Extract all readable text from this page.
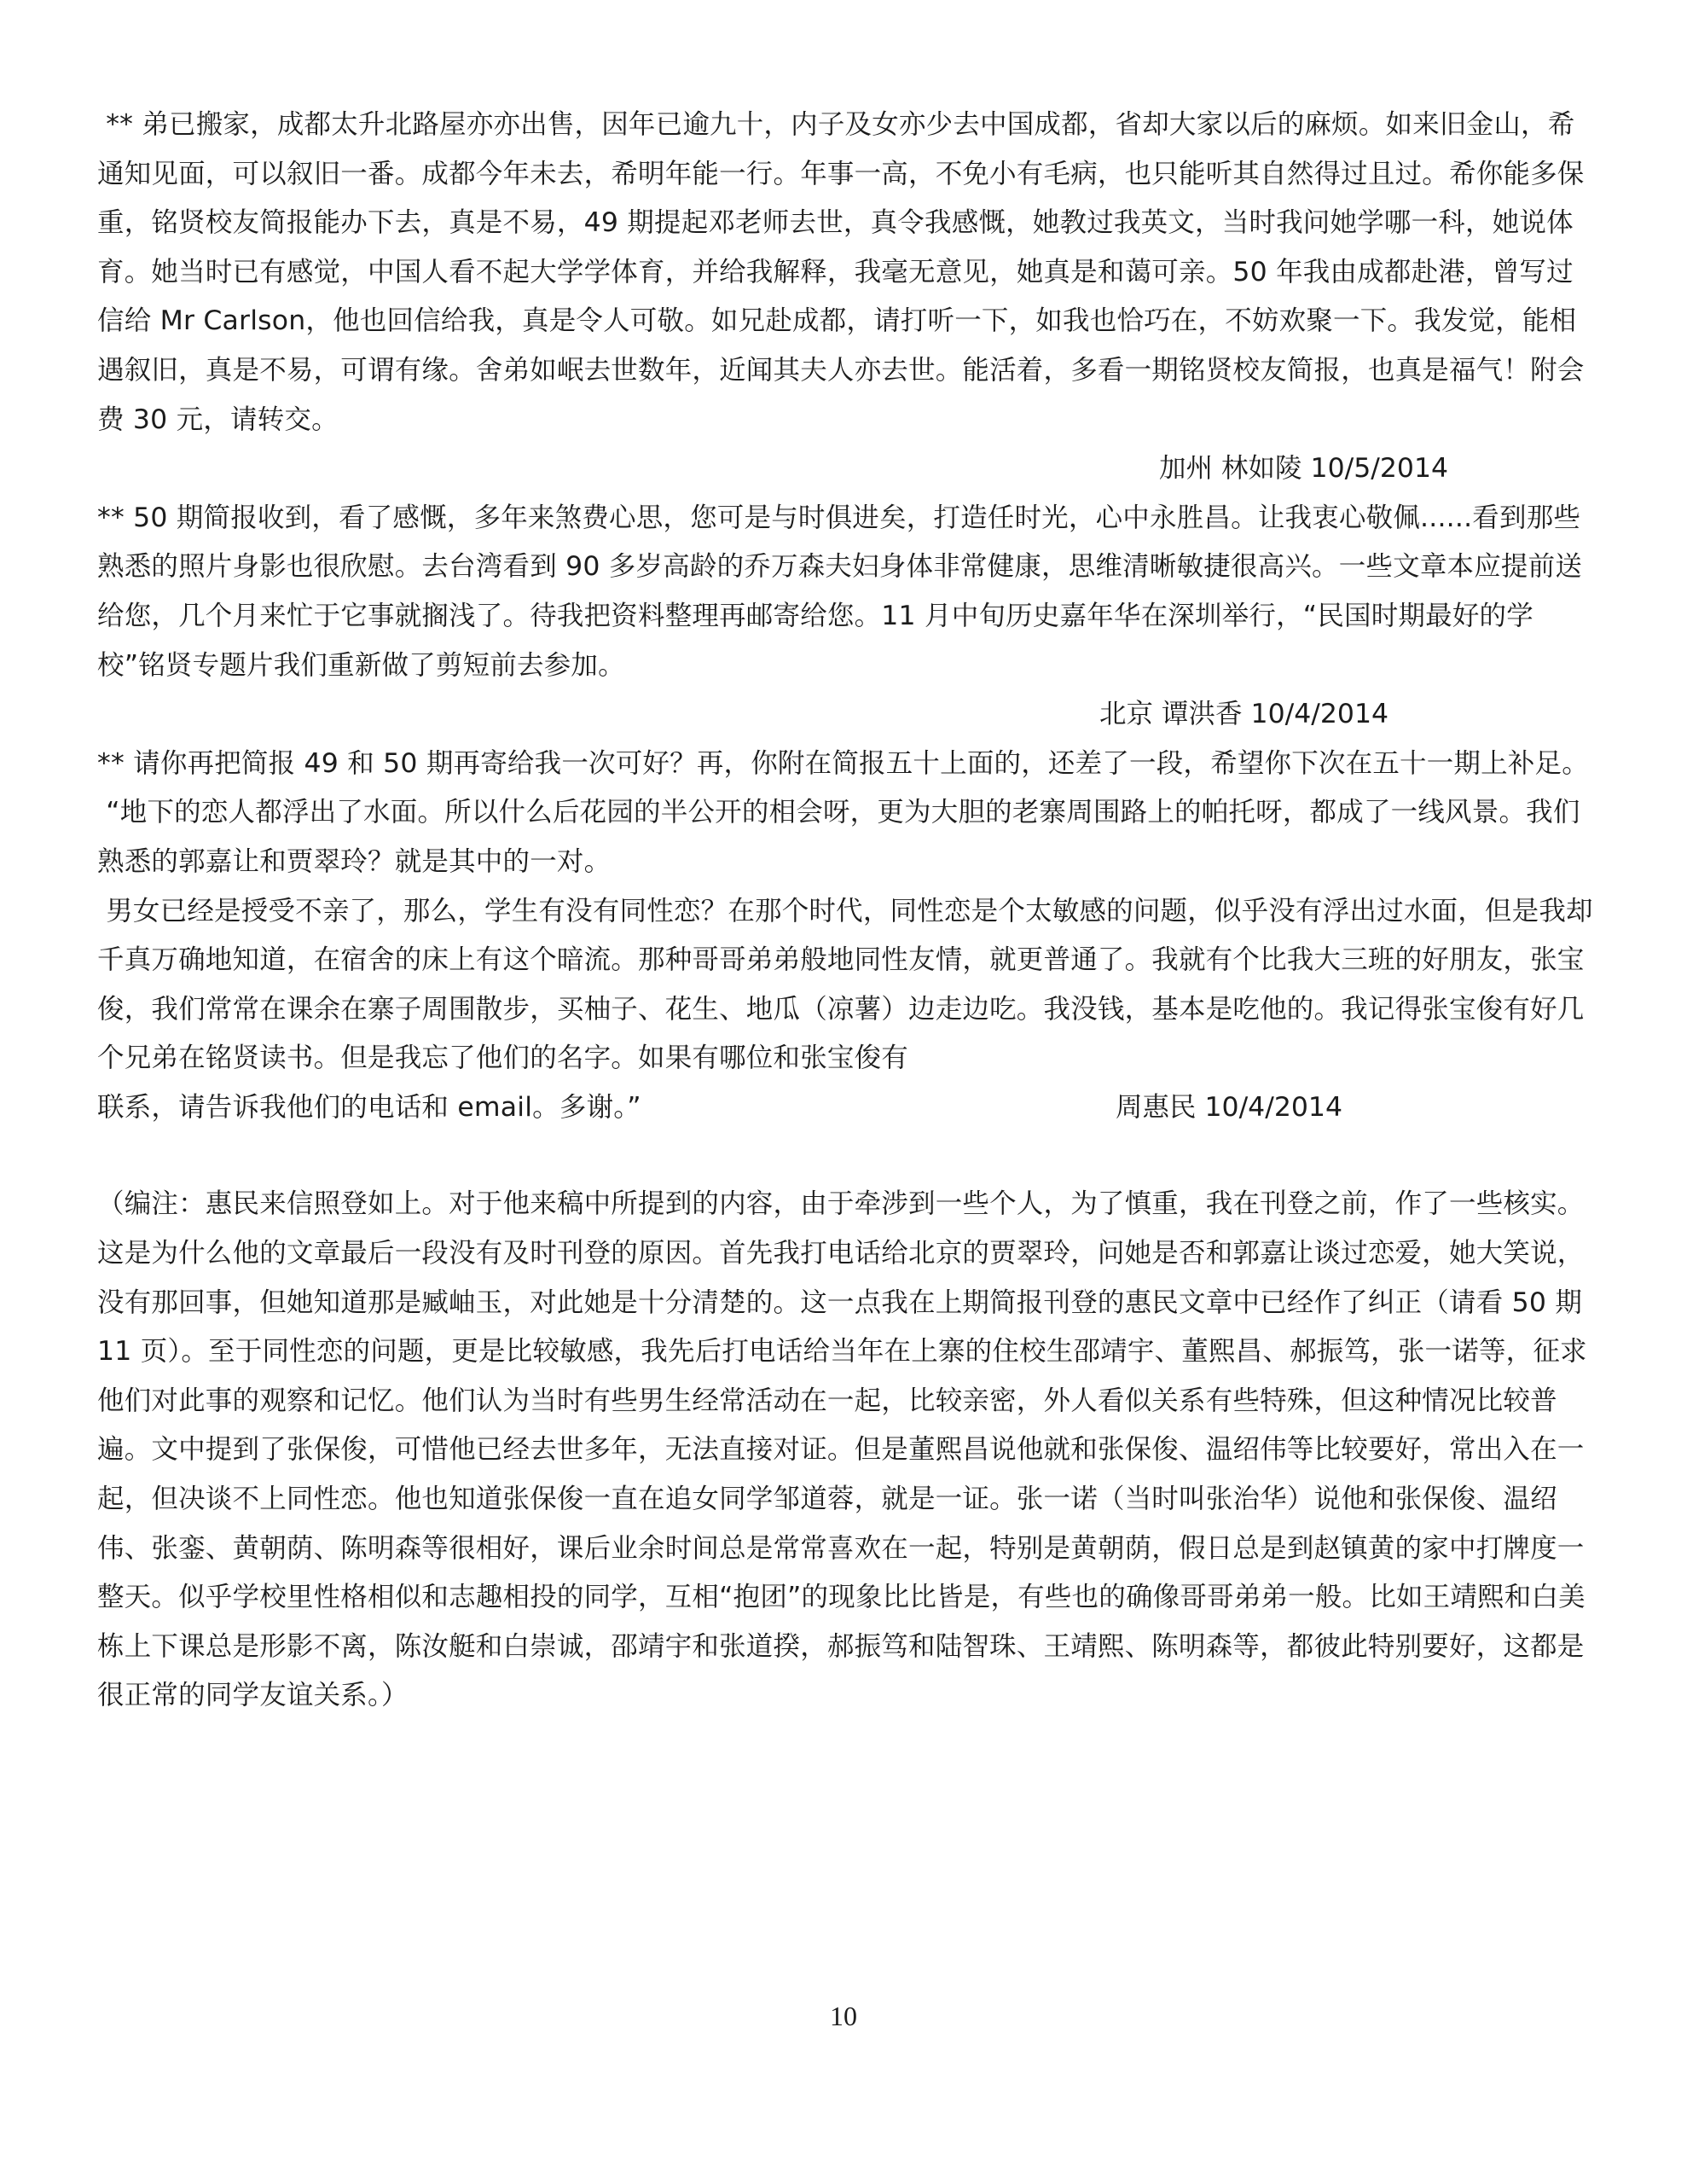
** 弟已搬家，成都太升北路屋亦亦出售，因年已逾九十，内子及女亦少去中国成都，省却大家以后的麻烦。如来旧金山，希通知见面，可以叙旧一番。成都今年未去，希明年能一行。年事一高，不免小有毛病，也只能听其自然得过且过。希你能多保重，铭贤校友简报能办下去，真是不易，49 期提起邓老师去世，真令我感慨，她教过我英文，当时我问她学哪一科，她说体育。她当时已有感觉，中国人看不起大学学体育，并给我解释，我毫无意见，她真是和蔼可亲。50 年我由成都赴港，曾写过信给 Mr Carlson，他也回信给我，真是令人可敬。如兄赴成都，请打听一下，如我也恰巧在，不妨欢聚一下。我发觉，能相遇叙旧，真是不易，可谓有缘。舍弟如岷去世数年，近闻其夫人亦去世。能活着，多看一期铭贤校友简报，也真是福气！附会费 30 元，请转交。

加州 林如陵 10/5/2014

** 50 期简报收到，看了感慨，多年来煞费心思，您可是与时俱进矣，打造任时光，心中永胜昌。让我衷心敬佩......看到那些熟悉的照片身影也很欣慰。去台湾看到 90 多岁高龄的乔万森夫妇身体非常健康，思维清晰敏捷很高兴。一些文章本应提前送给您，几个月来忙于它事就搁浅了。待我把资料整理再邮寄给您。11 月中旬历史嘉年华在深圳举行，“民国时期最好的学校”铭贤专题片我们重新做了剪短前去参加。

北京 谭洪香 10/4/2014

** 请你再把简报 49 和 50 期再寄给我一次可好？再，你附在简报五十上面的，还差了一段，希望你下次在五十一期上补足。

“地下的恋人都浮出了水面。所以什么后花园的半公开的相会呀，更为大胆的老寨周围路上的帕托呀，都成了一线风景。我们熟悉的郭嘉让和贾翠玲？就是其中的一对。

男女已经是授受不亲了，那么，学生有没有同性恋？在那个时代，同性恋是个太敏感的问题，似乎没有浮出过水面，但是我却千真万确地知道，在宿舍的床上有这个暗流。那种哥哥弟弟般地同性友情，就更普通了。我就有个比我大三班的好朋友，张宝俊，我们常常在课余在寨子周围散步，买柚子、花生、地瓜（凉薯）边走边吃。我没钱，基本是吃他的。我记得张宝俊有好几个兄弟在铭贤读书。但是我忘了他们的名字。如果有哪位和张宝俊有

联系，请告诉我他们的电话和 email。多谢。”	周惠民 10/4/2014

（编注：惠民来信照登如上。对于他来稿中所提到的内容，由于牵涉到一些个人，为了慎重，我在刊登之前，作了一些核实。这是为什么他的文章最后一段没有及时刊登的原因。首先我打电话给北京的贾翠玲，问她是否和郭嘉让谈过恋爱，她大笑说，没有那回事，但她知道那是臧岫玉，对此她是十分清楚的。这一点我在上期简报刊登的惠民文章中已经作了纠正（请看 50 期 11 页）。至于同性恋的问题，更是比较敏感，我先后打电话给当年在上寨的住校生邵靖宇、董熙昌、郝振笃，张一诺等，征求他们对此事的观察和记忆。他们认为当时有些男生经常活动在一起，比较亲密，外人看似关系有些特殊，但这种情况比较普遍。文中提到了张保俊，可惜他已经去世多年，无法直接对证。但是董熙昌说他就和张保俊、温绍伟等比较要好，常出入在一起，但决谈不上同性恋。他也知道张保俊一直在追女同学邹道蓉，就是一证。张一诺（当时叫张治华）说他和张保俊、温绍伟、张銮、黄朝荫、陈明森等很相好，课后业余时间总是常常喜欢在一起，特别是黄朝荫，假日总是到赵镇黄的家中打牌度一整天。似乎学校里性格相似和志趣相投的同学，互相“抱团”的现象比比皆是，有些也的确像哥哥弟弟一般。比如王靖熙和白美栋上下课总是形影不离，陈汝艇和白崇诚，邵靖宇和张道揆，郝振笃和陆智珠、王靖熙、陈明森等，都彼此特别要好，这都是很正常的同学友谊关系。）

10
